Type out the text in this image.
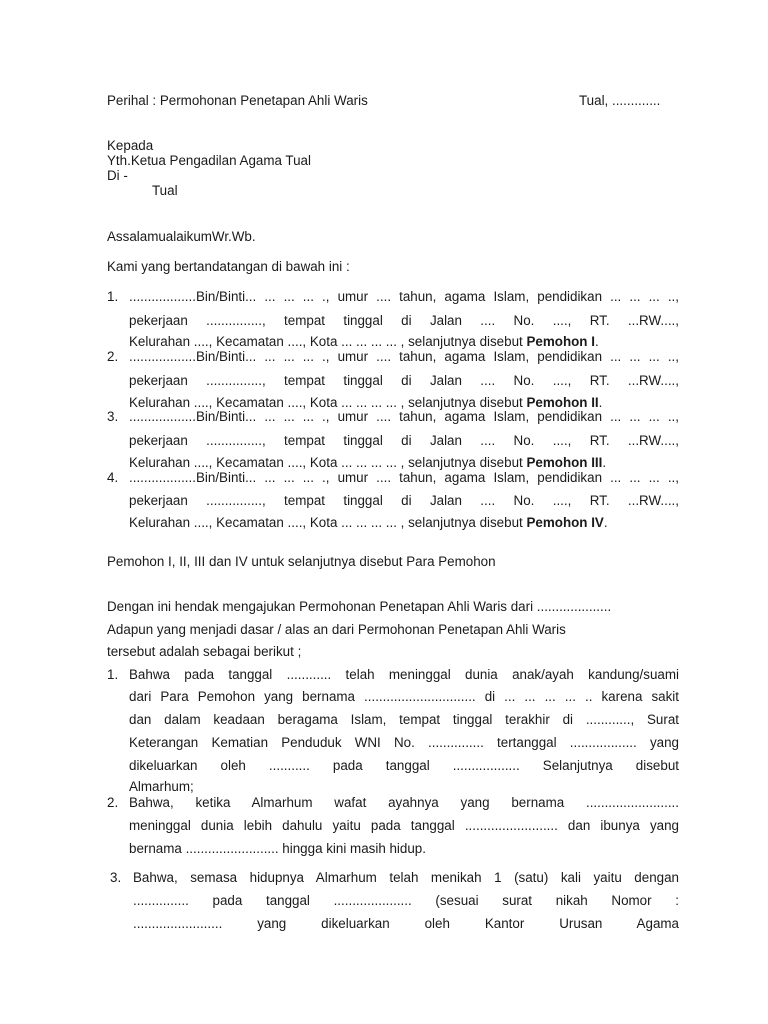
Perihal : Permohonan Penetapan Ahli Waris	Tual, .............
Kepada
Yth.Ketua Pengadilan Agama Tual
Di -
Tual
AssalamualaikumWr.Wb.
Kami yang bertandatangan di bawah ini :
1. ..................Bin/Binti... ... ... ... ., umur .... tahun, agama Islam, pendidikan ... ... ... ..,
pekerjaan ..............., tempat tinggal di Jalan .... No. ...., RT. ...RW....,
Kelurahan ...., Kecamatan ...., Kota ... ... ... ... , selanjutnya disebut Pemohon I.
2. ..................Bin/Binti... ... ... ... ., umur .... tahun, agama Islam, pendidikan ... ... ... ..,
pekerjaan ..............., tempat tinggal di Jalan .... No. ...., RT. ...RW....,
Kelurahan ...., Kecamatan ...., Kota ... ... ... ... , selanjutnya disebut Pemohon II.
3. ..................Bin/Binti... ... ... ... ., umur .... tahun, agama Islam, pendidikan ... ... ... ..,
pekerjaan ..............., tempat tinggal di Jalan .... No. ...., RT. ...RW....,
Kelurahan ...., Kecamatan ...., Kota ... ... ... ... , selanjutnya disebut Pemohon III.
4. ..................Bin/Binti... ... ... ... ., umur .... tahun, agama Islam, pendidikan ... ... ... ..,
pekerjaan ..............., tempat tinggal di Jalan .... No. ...., RT. ...RW....,
Kelurahan ...., Kecamatan ...., Kota ... ... ... ... , selanjutnya disebut Pemohon IV.
Pemohon I, II, III dan IV untuk selanjutnya disebut Para Pemohon
Dengan ini hendak mengajukan Permohonan Penetapan Ahli Waris dari ....................
Adapun yang menjadi dasar / alas an dari Permohonan Penetapan Ahli Waris
tersebut adalah sebagai berikut ;
1. Bahwa pada tanggal ............ telah meninggal dunia anak/ayah kandung/suami
dari Para Pemohon yang bernama .............................. di ... ... ... ... .. karena sakit
dan dalam keadaan beragama Islam, tempat tinggal terakhir di ............, Surat
Keterangan Kematian Penduduk WNI No. ............... tertanggal .................. yang
dikeluarkan oleh ........... pada tanggal .................. Selanjutnya disebut
Almarhum;
2. Bahwa, ketika Almarhum wafat ayahnya yang bernama .........................
meninggal dunia lebih dahulu yaitu pada tanggal ......................... dan ibunya yang
bernama ......................... hingga kini masih hidup.
3. Bahwa, semasa hidupnya Almarhum telah menikah 1 (satu) kali yaitu dengan
............... pada tanggal ..................... (sesuai surat nikah Nomor :
........................ yang dikeluarkan oleh Kantor Urusan Agama
